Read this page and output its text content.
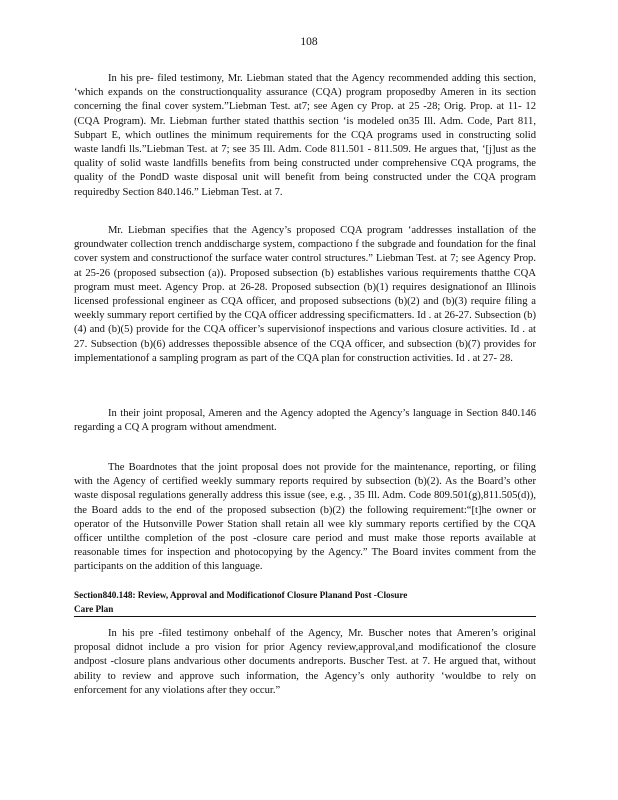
108

In his pre- filed testimony, Mr. Liebman stated that the Agency recommended adding this section, ‘which expands on the constructionquality assurance (CQA) program proposedby Ameren in its section concerning the final cover system.”Liebman Test. at7; see Agen cy Prop. at 25 -28; Orig. Prop. at 11- 12 (CQA Program). Mr. Liebman further stated thatthis section ‘is modeled on35 Ill. Adm. Code, Part 811, Subpart E, which outlines the minimum requirements for the CQA programs used in constructing solid waste landfi lls.”Liebman Test. at 7; see 35 Ill. Adm. Code 811.501 - 811.509. He argues that, ‘[j]ust as the quality of solid waste landfills benefits from being constructed under comprehensive CQA programs, the quality of the PondD waste disposal unit will benefit from being constructed under the CQA program requiredby Section 840.146.” Liebman Test. at 7.

Mr. Liebman specifies that the Agency’s proposed CQA program ‘addresses installation of the groundwater collection trench anddischarge system, compactiono f the subgrade and foundation for the final cover system and constructionof the surface water control structures.” Liebman Test. at 7; see Agency Prop. at 25-26 (proposed subsection (a)). Proposed subsection (b) establishes various requirements thatthe CQA program must meet. Agency Prop. at 26-28. Proposed subsection (b)(1) requires designationof an Illinois licensed professional engineer as CQA officer, and proposed subsections (b)(2) and (b)(3) require filing a weekly summary report certified by the CQA officer addressing specificmatters. Id . at 26-27. Subsection (b)(4) and (b)(5) provide for the CQA officer’s supervisionof inspections and various closure activities. Id . at 27. Subsection (b)(6) addresses thepossible absence of the CQA officer, and subsection (b)(7) provides for implementationof a sampling program as part of the CQA plan for construction activities. Id . at 27- 28.

In their joint proposal, Ameren and the Agency adopted the Agency’s language in Section 840.146 regarding a CQ A program without amendment.

The Boardnotes that the joint proposal does not provide for the maintenance, reporting, or filing with the Agency of certified weekly summary reports required by subsection (b)(2). As the Board’s other waste disposal regulations generally address this issue (see, e.g. , 35 Ill. Adm. Code 809.501(g),811.505(d)), the Board adds to the end of the proposed subsection (b)(2) the following requirement:“[t]he owner or operator of the Hutsonville Power Station shall retain all wee kly summary reports certified by the CQA officer untilthe completion of the post -closure care period and must make those reports available at reasonable times for inspection and photocopying by the Agency.” The Board invites comment from the participants on the addition of this language.

Section840.148: Review, Approval and Modificationof Closure Planand Post -Closure
Care Plan

In his pre -filed testimony onbehalf of the Agency, Mr. Buscher notes that Ameren’s original proposal didnot include a pro vision for prior Agency review,approval,and modificationof the closure andpost -closure plans andvarious other documents andreports. Buscher Test. at 7. He argued that, without ability to review and approve such information, the Agency’s only authority ‘wouldbe to rely on enforcement for any violations after they occur.”
